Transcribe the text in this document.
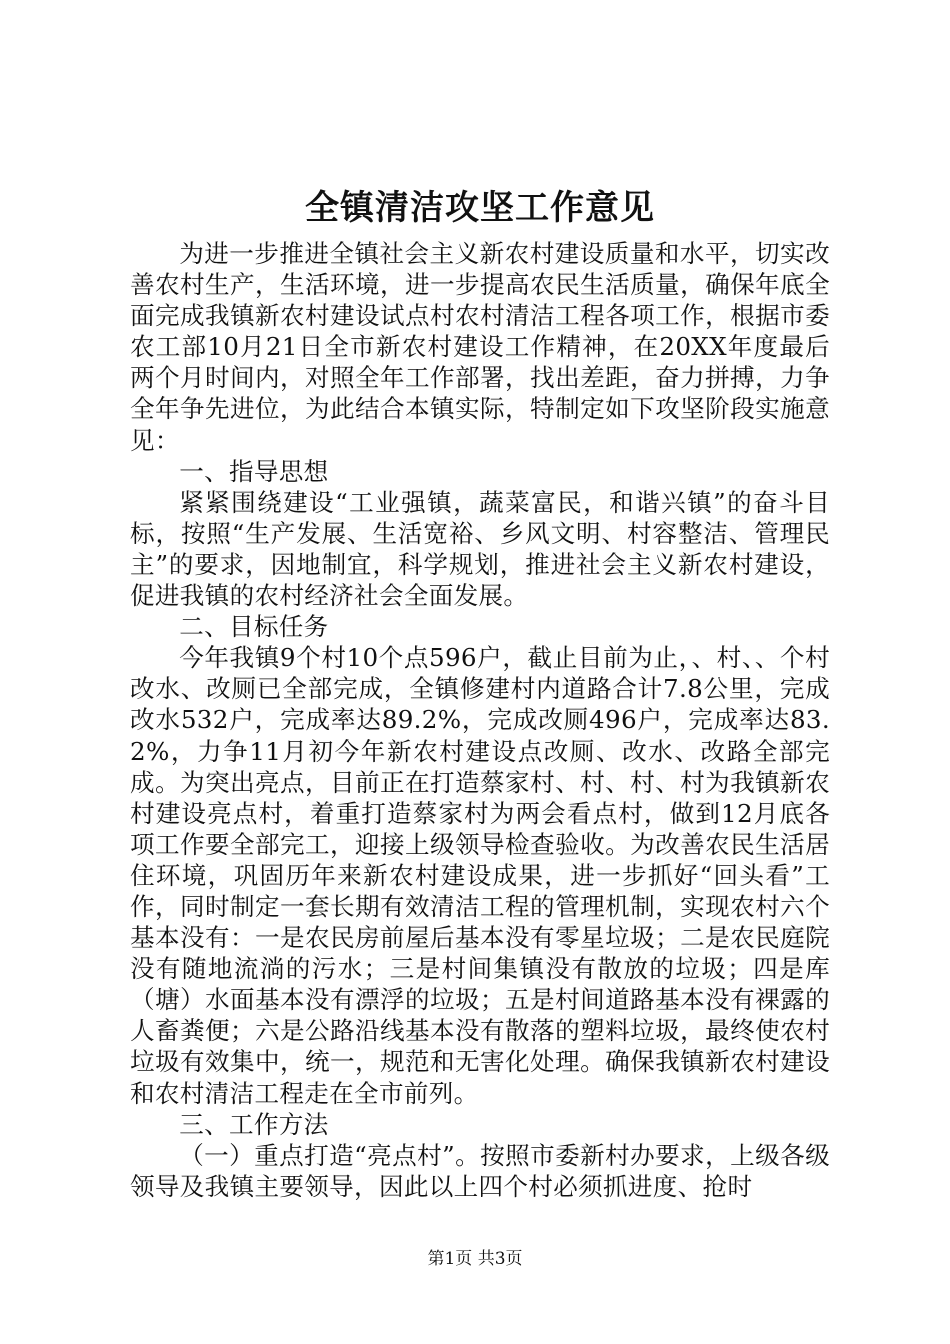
全镇清洁攻坚工作意见

为进一步推进全镇社会主义新农村建设质量和水平，切实改善农村生产，生活环境，进一步提高农民生活质量，确保年底全面完成我镇新农村建设试点村农村清洁工程各项工作，根据市委农工部10月21日全市新农村建设工作精神，在20XX年度最后两个月时间内，对照全年工作部署，找出差距，奋力拼搏，力争全年争先进位，为此结合本镇实际，特制定如下攻坚阶段实施意见：

一、指导思想

紧紧围绕建设“工业强镇，蔬菜富民，和谐兴镇”的奋斗目标，按照“生产发展、生活宽裕、乡风文明、村容整洁、管理民主”的要求，因地制宜，科学规划，推进社会主义新农村建设，促进我镇的农村经济社会全面发展。

二、目标任务

今年我镇9个村10个点596户，截止目前为止，、村、、个村改水、改厕已全部完成，全镇修建村内道路合计7.8公里，完成改水532户，完成率达89.2%，完成改厕496户，完成率达83.2%，力争11月初今年新农村建设点改厕、改水、改路全部完成。为突出亮点，目前正在打造蔡家村、村、村、村为我镇新农村建设亮点村，着重打造蔡家村为两会看点村，做到12月底各项工作要全部完工，迎接上级领导检查验收。为改善农民生活居住环境，巩固历年来新农村建设成果，进一步抓好“回头看”工作，同时制定一套长期有效清洁工程的管理机制，实现农村六个基本没有：一是农民房前屋后基本没有零星垃圾；二是农民庭院没有随地流淌的污水；三是村间集镇没有散放的垃圾；四是库（塘）水面基本没有漂浮的垃圾；五是村间道路基本没有裸露的人畜粪便；六是公路沿线基本没有散落的塑料垃圾，最终使农村垃圾有效集中，统一，规范和无害化处理。确保我镇新农村建设和农村清洁工程走在全市前列。

三、工作方法

（一）重点打造“亮点村”。按照市委新村办要求，上级各级领导及我镇主要领导，因此以上四个村必须抓进度、抢时

第1页 共3页
